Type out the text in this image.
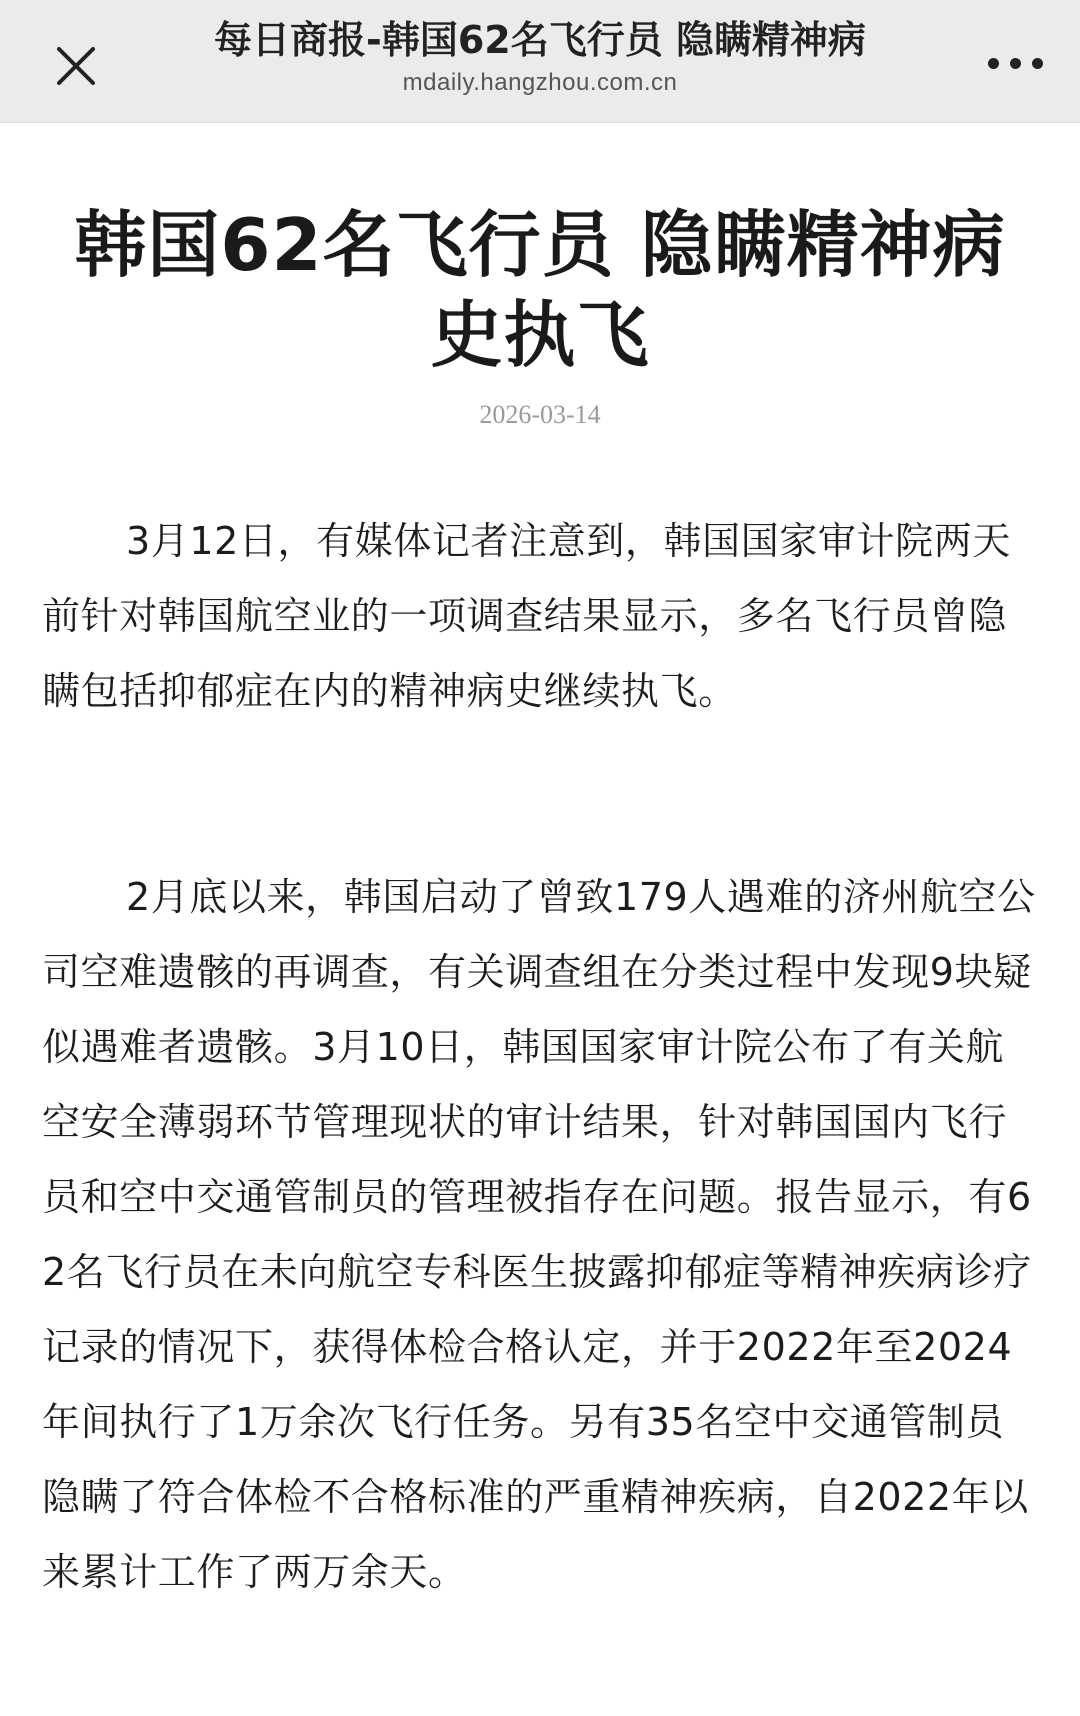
每日商报-韩国62名飞行员 隐瞒精神病
mdaily.hangzhou.com.cn
韩国62名飞行员 隐瞒精神病史执飞
2026-03-14

3月12日，有媒体记者注意到，韩国国家审计院两天前针对韩国航空业的一项调查结果显示，多名飞行员曾隐瞒包括抑郁症在内的精神病史继续执飞。

2月底以来，韩国启动了曾致179人遇难的济州航空公司空难遗骸的再调查，有关调查组在分类过程中发现9块疑似遇难者遗骸。3月10日，韩国国家审计院公布了有关航空安全薄弱环节管理现状的审计结果，针对韩国国内飞行员和空中交通管制员的管理被指存在问题。报告显示，有62名飞行员在未向航空专科医生披露抑郁症等精神疾病诊疗记录的情况下，获得体检合格认定，并于2022年至2024年间执行了1万余次飞行任务。另有35名空中交通管制员隐瞒了符合体检不合格标准的严重精神疾病，自2022年以来累计工作了两万余天。
